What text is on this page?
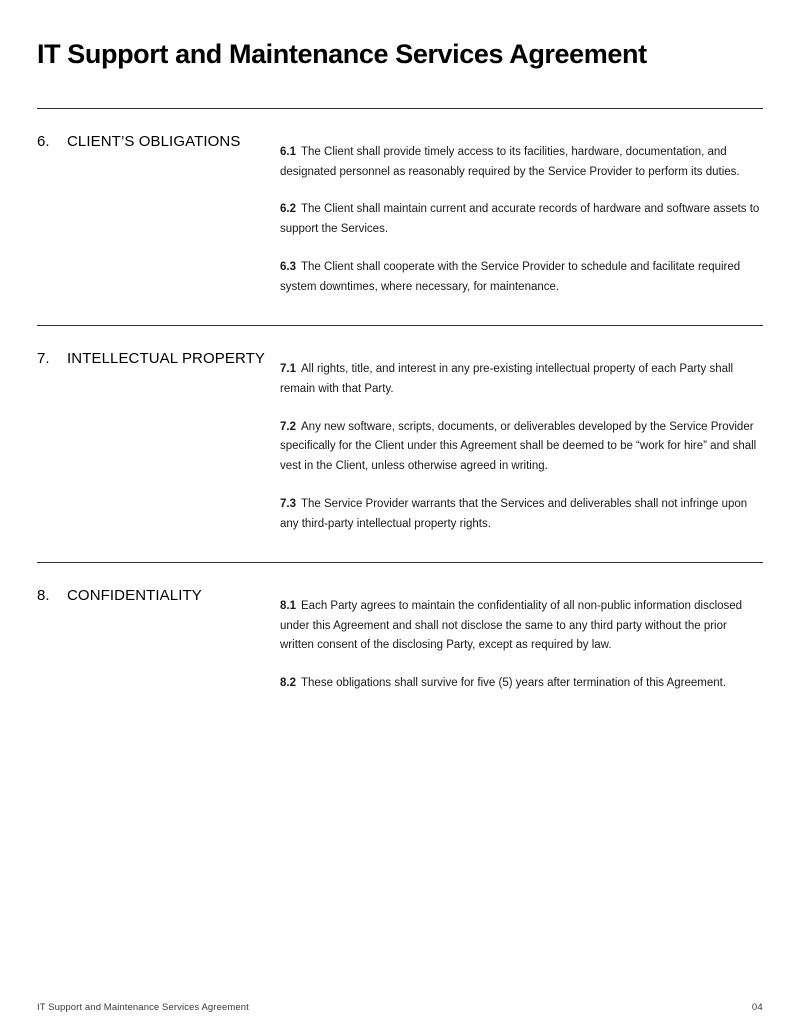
IT Support and Maintenance Services Agreement
6.	CLIENT’S OBLIGATIONS

6.1 The Client shall provide timely access to its facilities, hardware, documentation, and designated personnel as reasonably required by the Service Provider to perform its duties.

6.2 The Client shall maintain current and accurate records of hardware and software assets to support the Services.

6.3 The Client shall cooperate with the Service Provider to schedule and facilitate required system downtimes, where necessary, for maintenance.

7.	INTELLECTUAL PROPERTY

7.1 All rights, title, and interest in any pre-existing intellectual property of each Party shall remain with that Party.

7.2 Any new software, scripts, documents, or deliverables developed by the Service Provider specifically for the Client under this Agreement shall be deemed to be “work for hire” and shall vest in the Client, unless otherwise agreed in writing.

7.3 The Service Provider warrants that the Services and deliverables shall not infringe upon any third-party intellectual property rights.

8.	CONFIDENTIALITY

8.1 Each Party agrees to maintain the confidentiality of all non-public information disclosed under this Agreement and shall not disclose the same to any third party without the prior written consent of the disclosing Party, except as required by law.

8.2 These obligations shall survive for five (5) years after termination of this Agreement.

IT Support and Maintenance Services Agreement	04
